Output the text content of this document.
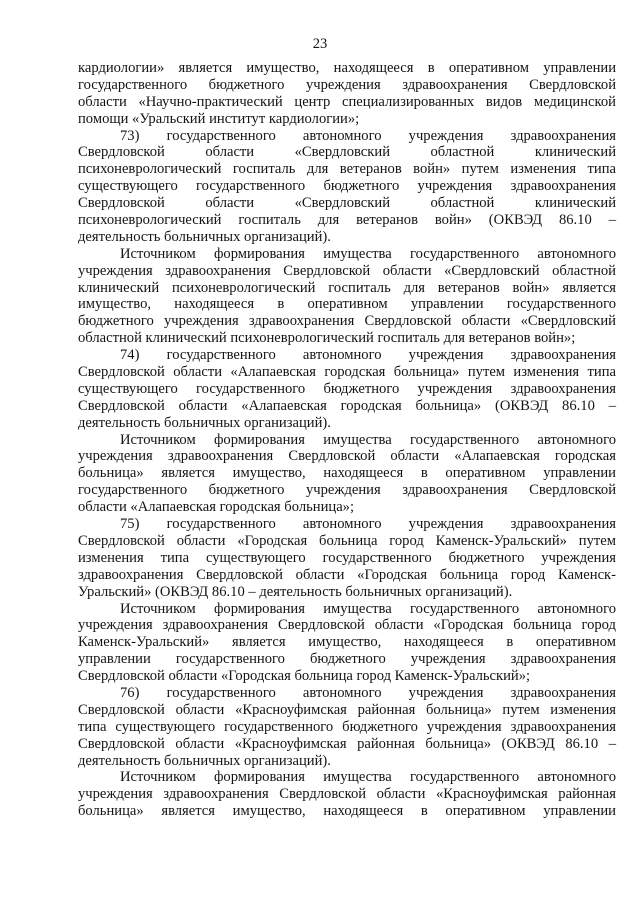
23
кардиологии» является имущество, находящееся в оперативном управлении
государственного бюджетного учреждения здравоохранения Свердловской
области «Научно-практический центр специализированных видов медицинской
помощи «Уральский институт кардиологии»;
73) государственного автономного учреждения здравоохранения
Свердловской области «Свердловский областной клинический
психоневрологический госпиталь для ветеранов войн» путем изменения типа
существующего государственного бюджетного учреждения здравоохранения
Свердловской области «Свердловский областной клинический
психоневрологический госпиталь для ветеранов войн» (ОКВЭД 86.10 –
деятельность больничных организаций).
Источником формирования имущества государственного автономного
учреждения здравоохранения Свердловской области «Свердловский областной
клинический психоневрологический госпиталь для ветеранов войн» является
имущество, находящееся в оперативном управлении государственного
бюджетного учреждения здравоохранения Свердловской области «Свердловский
областной клинический психоневрологический госпиталь для ветеранов войн»;
74) государственного автономного учреждения здравоохранения
Свердловской области «Алапаевская городская больница» путем изменения типа
существующего государственного бюджетного учреждения здравоохранения
Свердловской области «Алапаевская городская больница» (ОКВЭД 86.10 –
деятельность больничных организаций).
Источником формирования имущества государственного автономного
учреждения здравоохранения Свердловской области «Алапаевская городская
больница» является имущество, находящееся в оперативном управлении
государственного бюджетного учреждения здравоохранения Свердловской
области «Алапаевская городская больница»;
75) государственного автономного учреждения здравоохранения
Свердловской области «Городская больница город Каменск-Уральский» путем
изменения типа существующего государственного бюджетного учреждения
здравоохранения Свердловской области «Городская больница город Каменск-
Уральский» (ОКВЭД 86.10 – деятельность больничных организаций).
Источником формирования имущества государственного автономного
учреждения здравоохранения Свердловской области «Городская больница город
Каменск-Уральский» является имущество, находящееся в оперативном
управлении государственного бюджетного учреждения здравоохранения
Свердловской области «Городская больница город Каменск-Уральский»;
76) государственного автономного учреждения здравоохранения
Свердловской области «Красноуфимская районная больница» путем изменения
типа существующего государственного бюджетного учреждения здравоохранения
Свердловской области «Красноуфимская районная больница» (ОКВЭД 86.10 –
деятельность больничных организаций).
Источником формирования имущества государственного автономного
учреждения здравоохранения Свердловской области «Красноуфимская районная
больница» является имущество, находящееся в оперативном управлении
